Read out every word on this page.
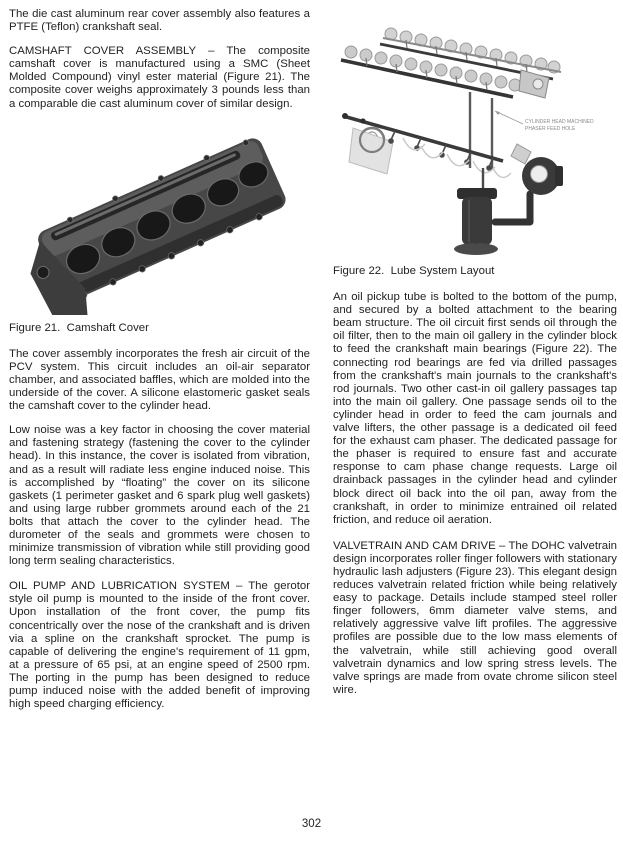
The die cast aluminum rear cover assembly also features a PTFE (Teflon) crankshaft seal.

CAMSHAFT COVER ASSEMBLY – The composite camshaft cover is manufactured using a SMC (Sheet Molded Compound) vinyl ester material (Figure 21). The composite cover weighs approximately 3 pounds less than a comparable die cast aluminum cover of similar design.

Figure 21.  Camshaft Cover

The cover assembly incorporates the fresh air circuit of the PCV system. This circuit includes an oil-air separator chamber, and associated baffles, which are molded into the underside of the cover. A silicone elastomeric gasket seals the camshaft cover to the cylinder head.

Low noise was a key factor in choosing the cover material and fastening strategy (fastening the cover to the cylinder head). In this instance, the cover is isolated from vibration, and as a result will radiate less engine induced noise. This is accomplished by “floating” the cover on its silicone gaskets (1 perimeter gasket and 6 spark plug well gaskets) and using large rubber grommets around each of the 21 bolts that attach the cover to the cylinder head. The durometer of the seals and grommets were chosen to minimize transmission of vibration while still providing good long term sealing characteristics.

OIL PUMP AND LUBRICATION SYSTEM – The gerotor style oil pump is mounted to the inside of the front cover. Upon installation of the front cover, the pump fits concentrically over the nose of the crankshaft and is driven via a spline on the crankshaft sprocket. The pump is capable of delivering the engine's requirement of 11 gpm, at a pressure of 65 psi, at an engine speed of 2500 rpm. The porting in the pump has been designed to reduce pump induced noise with the added benefit of improving high speed charging efficiency.

CYLINDER HEAD MACHINED
PHASER FEED HOLE
Figure 22.  Lube System Layout

An oil pickup tube is bolted to the bottom of the pump, and secured by a bolted attachment to the bearing beam structure. The oil circuit first sends oil through the oil filter, then to the main oil gallery in the cylinder block to feed the crankshaft main bearings (Figure 22). The connecting rod bearings are fed via drilled passages from the crankshaft's main journals to the crankshaft's rod journals. Two other cast-in oil gallery passages tap into the main oil gallery. One passage sends oil to the cylinder head in order to feed the cam journals and valve lifters, the other passage is a dedicated oil feed for the exhaust cam phaser. The dedicated passage for the phaser is required to ensure fast and accurate response to cam phase change requests. Large oil drainback passages in the cylinder head and cylinder block direct oil back into the oil pan, away from the crankshaft, in order to minimize entrained oil related friction, and reduce oil aeration.

VALVETRAIN AND CAM DRIVE – The DOHC valvetrain design incorporates roller finger followers with stationary hydraulic lash adjusters (Figure 23). This elegant design reduces valvetrain related friction while being relatively easy to package. Details include stamped steel roller finger followers, 6mm diameter valve stems, and relatively aggressive valve lift profiles. The aggressive profiles are possible due to the low mass elements of the valvetrain, while still achieving good overall valvetrain dynamics and low spring stress levels. The valve springs are made from ovate chrome silicon steel wire.

302
